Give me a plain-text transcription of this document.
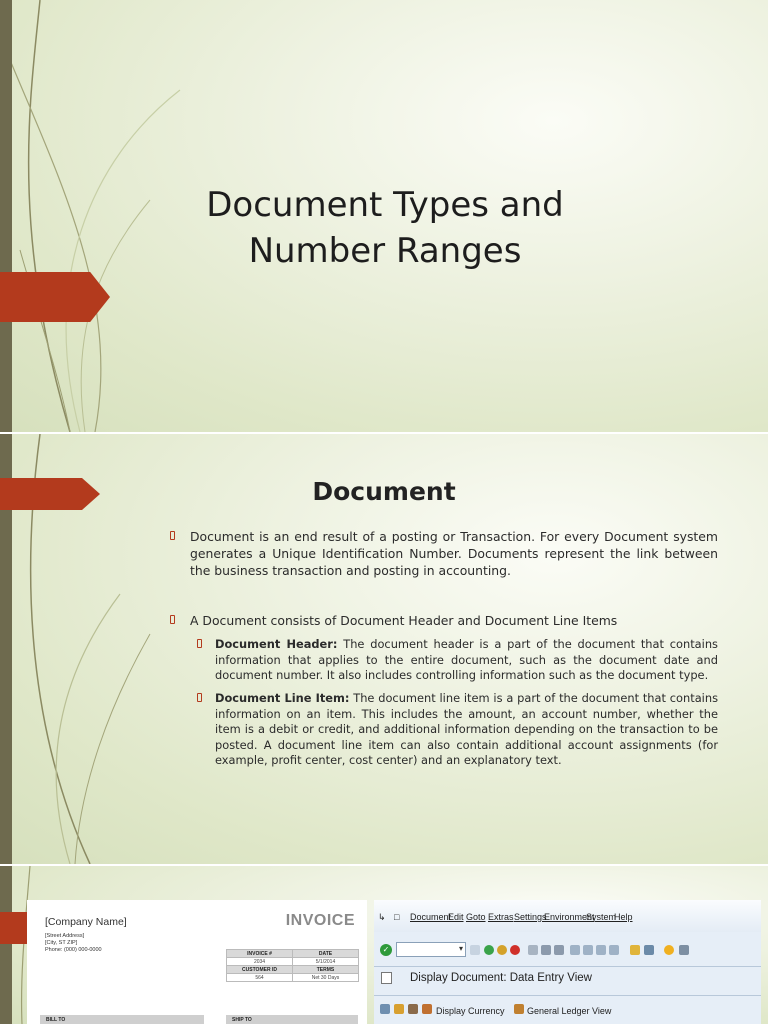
Document Types and
Number Ranges
Document
Document is an end result of a posting or Transaction. For every Document system generates a Unique Identification Number. Documents represent the link between the business transaction and posting in accounting.
A Document consists of Document Header and Document Line Items
Document Header: The document header is a part of the document that contains information that applies to the entire document, such as the document date and document number. It also includes controlling information such as the document type.
Document Line Item: The document line item is a part of the document that contains information on an item. This includes the amount, an account number, whether the item is a debit or credit, and additional information depending on the transaction to be posted. A document line item can also contain additional account assignments (for example, profit center, cost center) and an explanatory text.
[Company Name]	INVOICE
[Street Address]
[City, ST ZIP]
Phone: (000) 000-0000
INVOICE #	DATE
2034	5/1/2014
CUSTOMER ID	TERMS
564	Net 30 Days
BILL TO	SHIP TO
↳ □ Document
Edit Goto Extras Settings
Environment
System
Help
✓	▾
Display Document: Data Entry View
Display Currency General Ledger View
